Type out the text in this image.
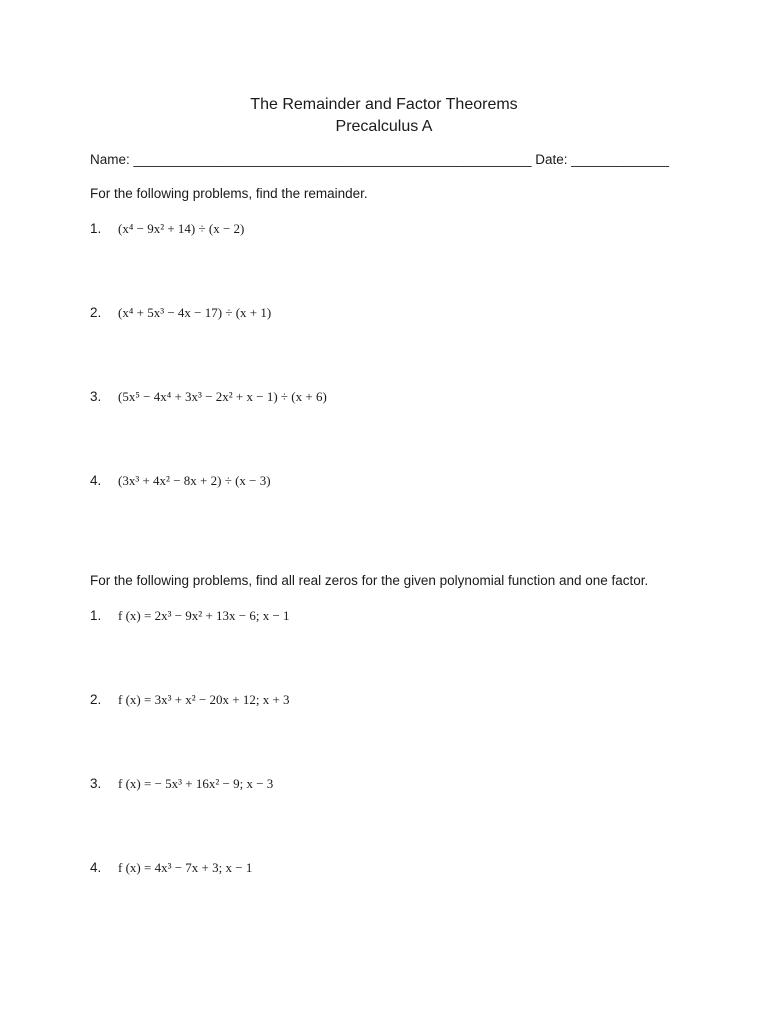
The Remainder and Factor Theorems
Precalculus A
Name: _____________________________________________________ Date: _____________
For the following problems, find the remainder.
1.	(x⁴ − 9x² + 14) ÷ (x − 2)
2.	(x⁴ + 5x³ − 4x − 17) ÷ (x + 1)
3.	(5x⁵ − 4x⁴ + 3x³ − 2x² + x − 1) ÷ (x + 6)
4.	(3x³ + 4x² − 8x + 2) ÷ (x − 3)
For the following problems, find all real zeros for the given polynomial function and one factor.
1.	f (x) = 2x³ − 9x² + 13x − 6; x − 1
2.	f (x) = 3x³ + x² − 20x + 12; x + 3
3.	f (x) = − 5x³ + 16x² − 9; x − 3
4.	f (x) = 4x³ − 7x + 3; x − 1
